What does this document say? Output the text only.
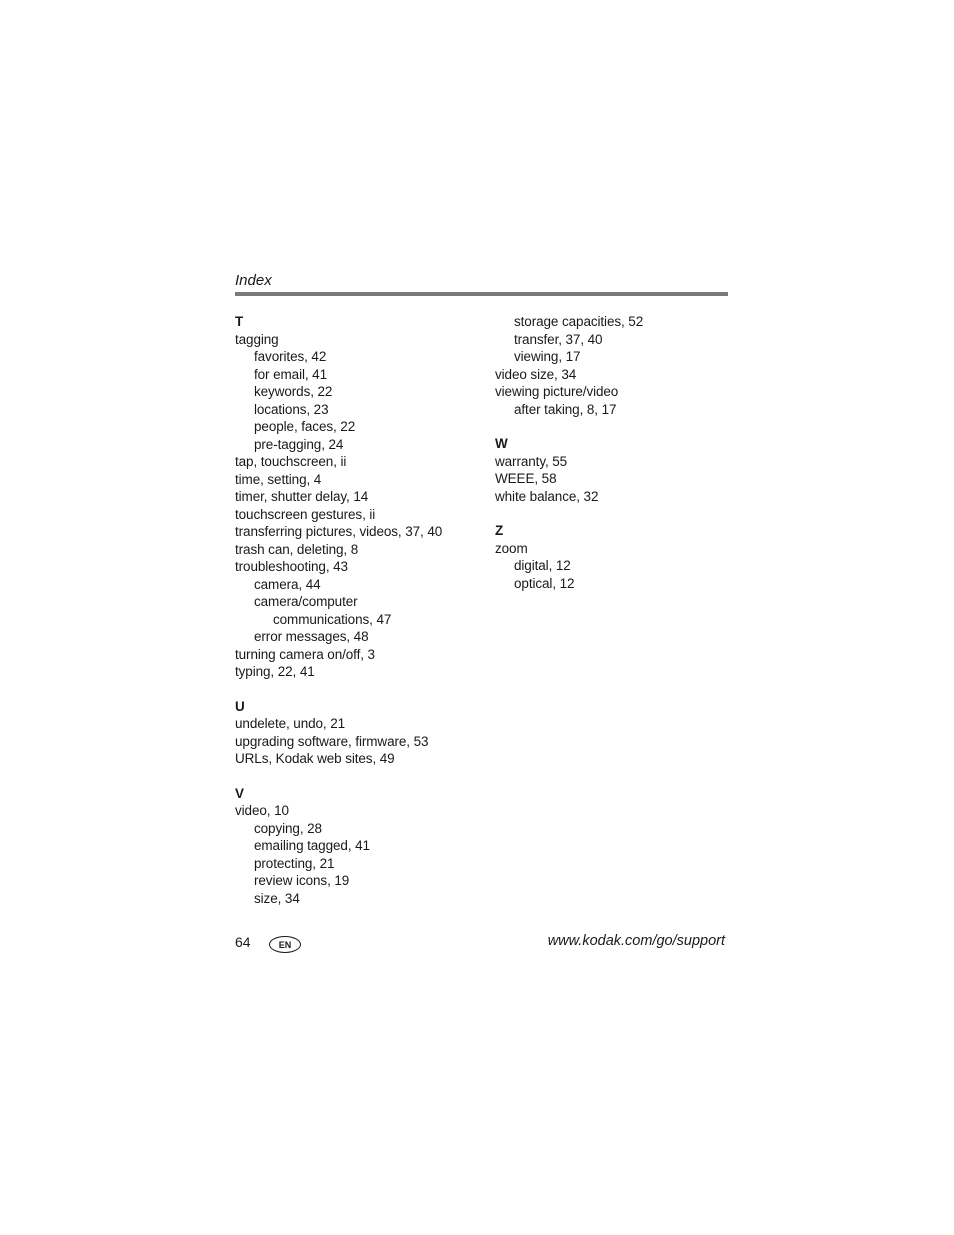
Index
T
tagging
favorites, 42
for email, 41
keywords, 22
locations, 23
people, faces, 22
pre-tagging, 24
tap, touchscreen, ii
time, setting, 4
timer, shutter delay, 14
touchscreen gestures, ii
transferring pictures, videos, 37, 40
trash can, deleting, 8
troubleshooting, 43
camera, 44
camera/computer
communications, 47
error messages, 48
turning camera on/off, 3
typing, 22, 41
U
undelete, undo, 21
upgrading software, firmware, 53
URLs, Kodak web sites, 49
V
video, 10
copying, 28
emailing tagged, 41
protecting, 21
review icons, 19
size, 34
storage capacities, 52
transfer, 37, 40
viewing, 17
video size, 34
viewing picture/video
after taking, 8, 17
W
warranty, 55
WEEE, 58
white balance, 32
Z
zoom
digital, 12
optical, 12
64	EN	www.kodak.com/go/support
